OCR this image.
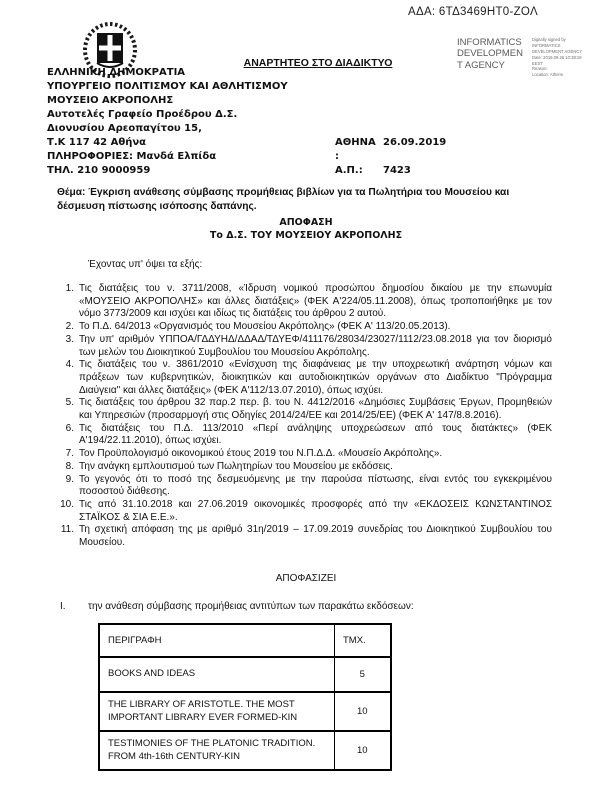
ΑΔΑ: 6ΤΔ3469ΗΤ0-ΖΟΛ
ΑΝΑΡΤΗΤΕΟ ΣΤΟ ΔΙΑΔΙΚΤΥΟ
INFORMATICS
DEVELOPMEN
T AGENCY
Digitally signed by
INFORMATICS
DEVELOPMENT AGENCY
Date: 2019.09.26 10:38:18
EEST
Reason:
Location: Athens
ΕΛΛΗΝΙΚΗ ΔΗΜΟΚΡΑΤΙΑ
ΥΠΟΥΡΓΕΙΟ ΠΟΛΙΤΙΣΜΟΥ ΚΑΙ ΑΘΛΗΤΙΣΜΟΥ
ΜΟΥΣΕΙΟ ΑΚΡΟΠΟΛΗΣ
Αυτοτελές Γραφείο Προέδρου Δ.Σ.
Διονυσίου Αρεοπαγίτου 15,
Τ.Κ 117 42 Αθήνα
ΠΛΗΡΟΦΟΡΙΕΣ: Μανδά Ελπίδα
ΤΗΛ. 210 9000959
ΑΘΗΝΑ :
26.09.2019
Α.Π.:	7423
Θέμα: Έγκριση ανάθεσης σύμβασης προμήθειας βιβλίων για τα Πωλητήρια του Μουσείου και δέσμευση πίστωσης ισόποσης δαπάνης.
ΑΠΟΦΑΣΗ
Το Δ.Σ. ΤΟΥ ΜΟΥΣΕΙΟΥ ΑΚΡΟΠΟΛΗΣ
Έχοντας υπ' όψει τα εξής:
1. Τις διατάξεις του ν. 3711/2008, «Ίδρυση νομικού προσώπου δημοσίου δικαίου με την επωνυμία «ΜΟΥΣΕΙΟ ΑΚΡΟΠΟΛΗΣ» και άλλες διατάξεις» (ΦΕΚ Α'224/05.11.2008), όπως τροποποιήθηκε με τον νόμο 3773/2009 και ισχύει και ιδίως τις διατάξεις του άρθρου 2 αυτού.
2. Το Π.Δ. 64/2013 «Οργανισμός του Μουσείου Ακρόπολης» (ΦΕΚ Α' 113/20.05.2013).
3. Την υπ' αριθμόν ΥΠΠΟΑ/ΓΔΔΥΗΔ/ΔΔΑΔ/ΤΔΥΕΦ/411176/28034/23027/1112/23.08.2018 για τον διορισμό των μελών του Διοικητικού Συμβουλίου του Μουσείου Ακρόπολης.
4. Τις διατάξεις του ν. 3861/2010 «Ενίσχυση της διαφάνειας με την υποχρεωτική ανάρτηση νόμων και πράξεων των κυβερνητικών, διοικητικών και αυτοδιοικητικών οργάνων στο Διαδίκτυο "Πρόγραμμα Διαύγεια" και άλλες διατάξεις» (ΦΕΚ Α'112/13.07.2010), όπως ισχύει.
5. Τις διατάξεις του άρθρου 32 παρ.2 περ. β. του Ν. 4412/2016 «Δημόσιες Συμβάσεις Έργων, Προμηθειών και Υπηρεσιών (προσαρμογή στις Οδηγίες 2014/24/ΕΕ και 2014/25/ΕΕ) (ΦΕΚ Α' 147/8.8.2016).
6. Τις διατάξεις του Π.Δ. 113/2010 «Περί ανάληψης υποχρεώσεων από τους διατάκτες» (ΦΕΚ Α'194/22.11.2010), όπως ισχύει.
7. Τον Προϋπολογισμό οικονομικού έτους 2019 του Ν.Π.Δ.Δ. «Μουσείο Ακρόπολης».
8. Την ανάγκη εμπλουτισμού των Πωλητηρίων του Μουσείου με εκδόσεις.
9. Το γεγονός ότι το ποσό της δεσμευόμενης με την παρούσα πίστωσης, είναι εντός του εγκεκριμένου ποσοστού διάθεσης.
10. Τις από 31.10.2018 και 27.06.2019 οικονομικές προσφορές από την «ΕΚΔΟΣΕΙΣ ΚΩΝΣΤΑΝΤΙΝΟΣ ΣΤΑΪΚΟΣ & ΣΙΑ Ε.Ε.».
11. Τη σχετική απόφαση της με αριθμό 31η/2019 – 17.09.2019 συνεδρίας του Διοικητικού Συμβουλίου του Μουσείου.
ΑΠΟΦΑΣΙΖΕΙ
I.	την ανάθεση σύμβασης προμήθειας αντιτύπων των παρακάτω εκδόσεων:
ΠΕΡΙΓΡΑΦΗ	ΤΜΧ.
BOOKS AND IDEAS	5
THE LIBRARY OF ARISTOTLE. THE MOST IMPORTANT LIBRARY EVER FORMED-KIN	10
TESTIMONIES OF THE PLATONIC TRADITION. FROM 4th-16th CENTURY-KIN	10
